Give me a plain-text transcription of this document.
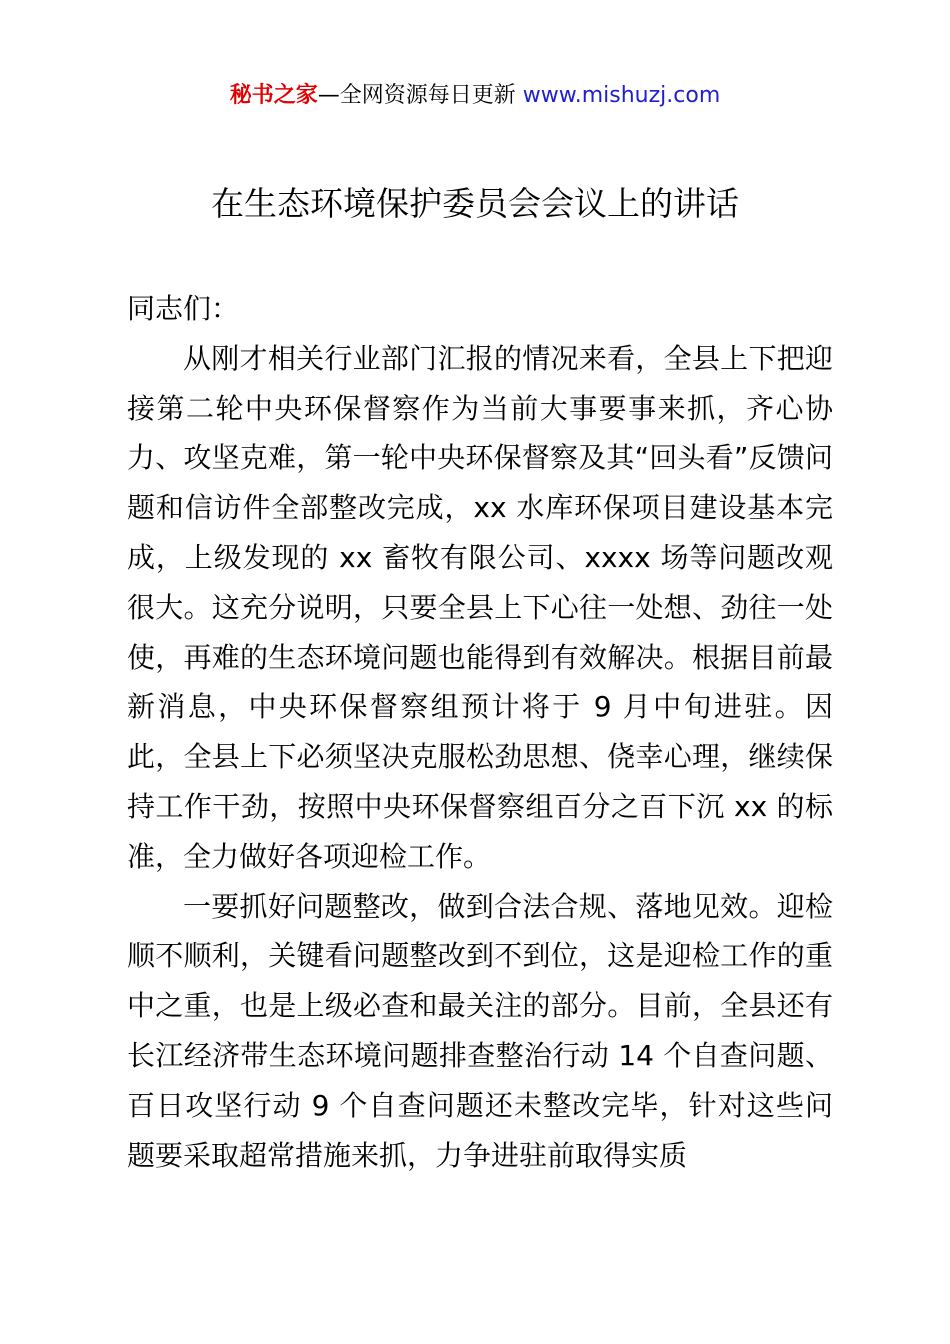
秘书之家—全网资源每日更新 www.mishuzj.com
在生态环境保护委员会会议上的讲话

同志们：

从刚才相关行业部门汇报的情况来看，全县上下把迎接第二轮中央环保督察作为当前大事要事来抓，齐心协力、攻坚克难，第一轮中央环保督察及其“回头看”反馈问题和信访件全部整改完成，xx 水库环保项目建设基本完成，上级发现的 xx 畜牧有限公司、xxxx 场等问题改观很大。这充分说明，只要全县上下心往一处想、劲往一处使，再难的生态环境问题也能得到有效解决。根据目前最新消息，中央环保督察组预计将于 9 月中旬进驻。因此，全县上下必须坚决克服松劲思想、侥幸心理，继续保持工作干劲，按照中央环保督察组百分之百下沉 xx 的标准，全力做好各项迎检工作。

一要抓好问题整改，做到合法合规、落地见效。迎检顺不顺利，关键看问题整改到不到位，这是迎检工作的重中之重，也是上级必查和最关注的部分。目前，全县还有长江经济带生态环境问题排查整治行动 14 个自查问题、百日攻坚行动 9 个自查问题还未整改完毕，针对这些问题要采取超常措施来抓，力争进驻前取得实质
